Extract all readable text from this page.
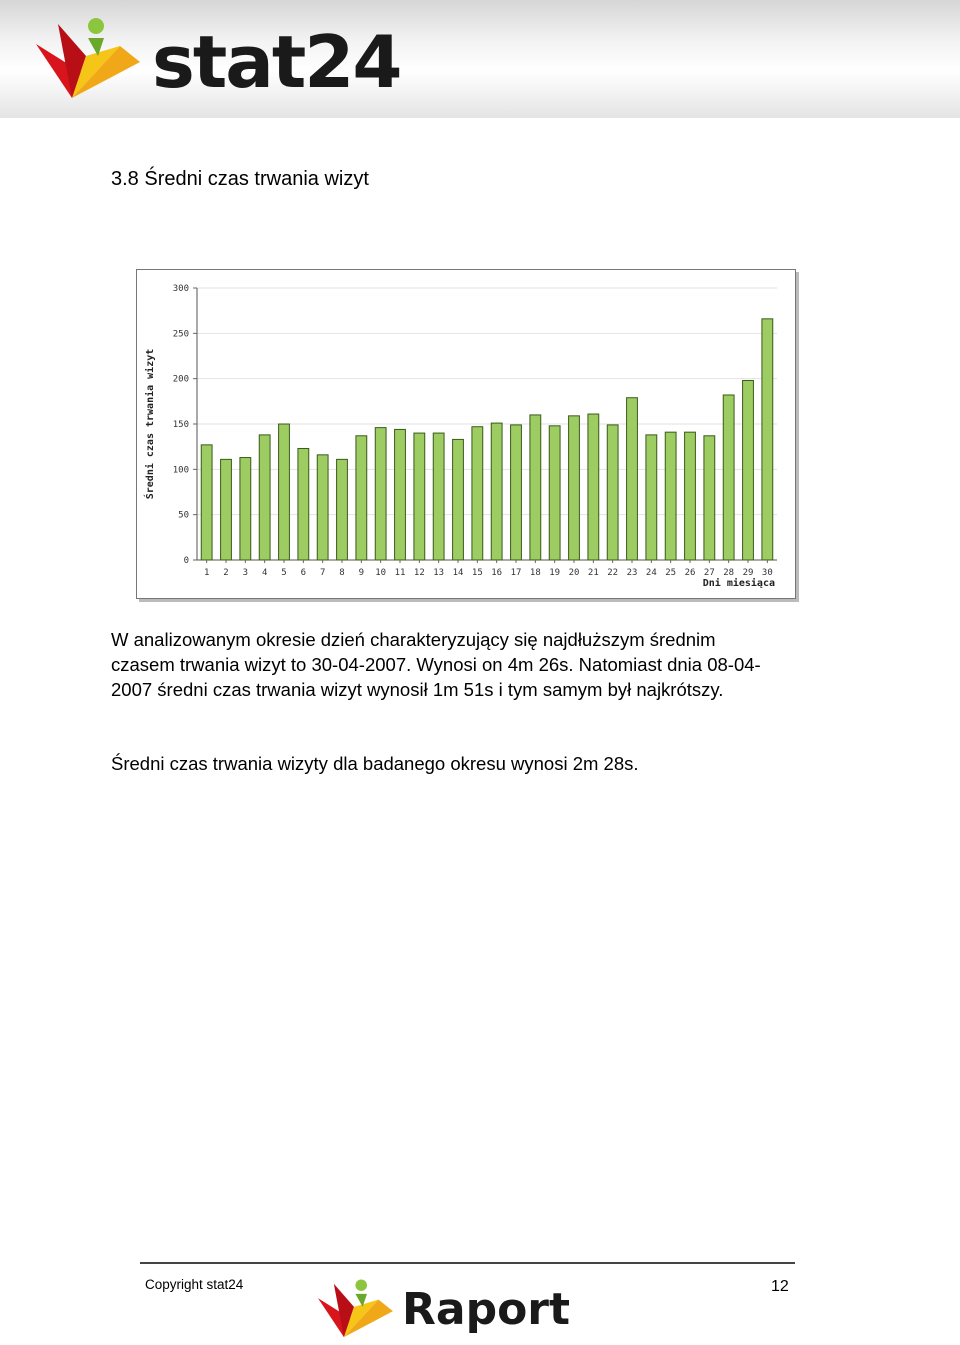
stat24
3.8 Średni czas trwania wizyt
0
50
100
150
200
250
300
1 2 3 4 5 6 7 8 9 10 11 12 13 14 15 16 17 18 19 20 21 22 23 24 25 26 27 28 29 30
Średni czas trwania wizyt
Dni miesiąca

W analizowanym okresie dzień charakteryzujący się najdłuższym średnim czasem trwania wizyt to 30-04-2007. Wynosi on 4m 26s. Natomiast dnia 08-04-2007 średni czas trwania wizyt wynosił 1m 51s i tym samym był najkrótszy.

Średni czas trwania wizyty dla badanego okresu wynosi 2m 28s.

Copyright stat24	Raport	12
